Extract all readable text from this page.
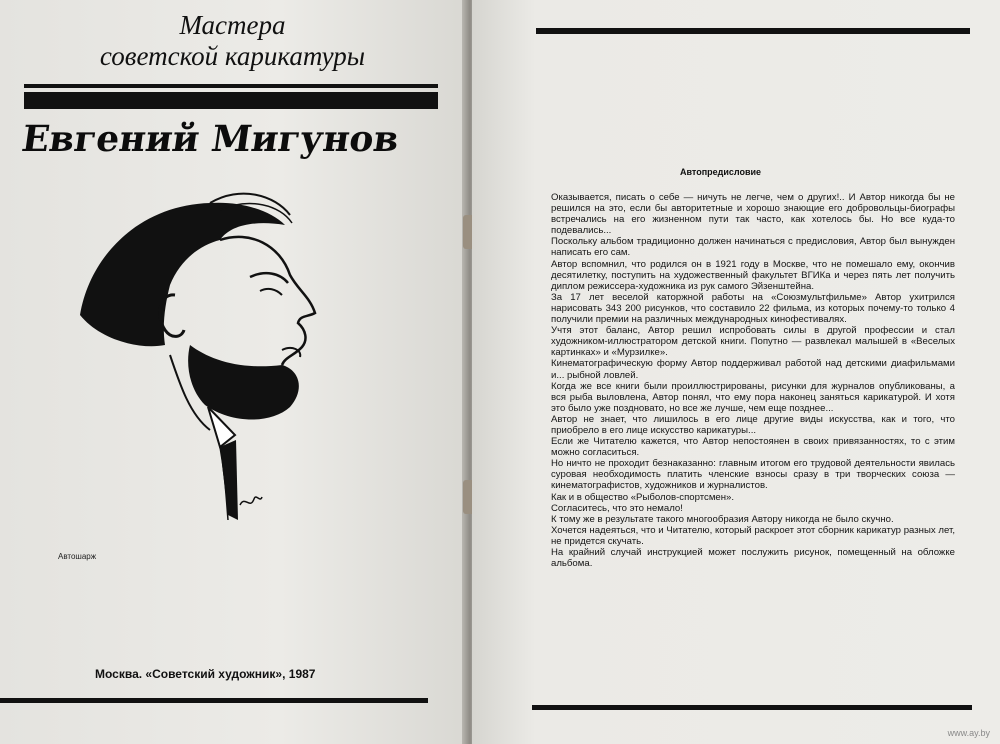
Мастера
советской карикатуры
Евгений Мигунов
Автошарж
Москва. «Советский художник», 1987
Автопредисловие

Оказывается, писать о себе — ничуть не легче, чем о других!.. И Автор никогда бы не решился на это, если бы авторитетные и хорошо знающие его добровольцы-биографы встречались на его жизненном пути так часто, как хотелось бы. Но все куда-то подевались...

Поскольку альбом традиционно должен начинаться с предисловия, Автор был вынужден написать его сам.

Автор вспомнил, что родился он в 1921 году в Москве, что не помешало ему, окончив десятилетку, поступить на художественный факультет ВГИКа и через пять лет получить диплом режиссера-художника из рук самого Эйзенштейна.

За 17 лет веселой каторжной работы на «Союзмультфильме» Автор ухитрился нарисовать 343 200 рисунков, что составило 22 фильма, из которых почему-то только 4 получили премии на различных международных кинофестивалях.

Учтя этот баланс, Автор решил испробовать силы в другой профессии и стал художником-иллюстратором детской книги. Попутно — развлекал малышей в «Веселых картинках» и «Мурзилке».

Кинематографическую форму Автор поддерживал работой над детскими диафильмами и... рыбной ловлей.

Когда же все книги были проиллюстрированы, рисунки для журналов опубликованы, а вся рыба выловлена, Автор понял, что ему пора наконец заняться карикатурой. И хотя это было уже поздновато, но все же лучше, чем еще позднее...

Автор не знает, что лишилось в его лице другие виды искусства, как и того, что приобрело в его лице искусство карикатуры...

Если же Читателю кажется, что Автор непостоянен в своих привязанностях, то с этим можно согласиться.

Но ничто не проходит безнаказанно: главным итогом его трудовой деятельности явилась суровая необходимость платить членские взносы сразу в три творческих союза — кинематографистов, художников и журналистов.

Как и в общество «Рыболов-спортсмен».

Согласитесь, что это немало!

К тому же в результате такого многообразия Автору никогда не было скучно.

Хочется надеяться, что и Читателю, который раскроет этот сборник карикатур разных лет, не придется скучать.

На крайний случай инструкцией может послужить рисунок, помещенный на обложке альбома.

www.ay.by
